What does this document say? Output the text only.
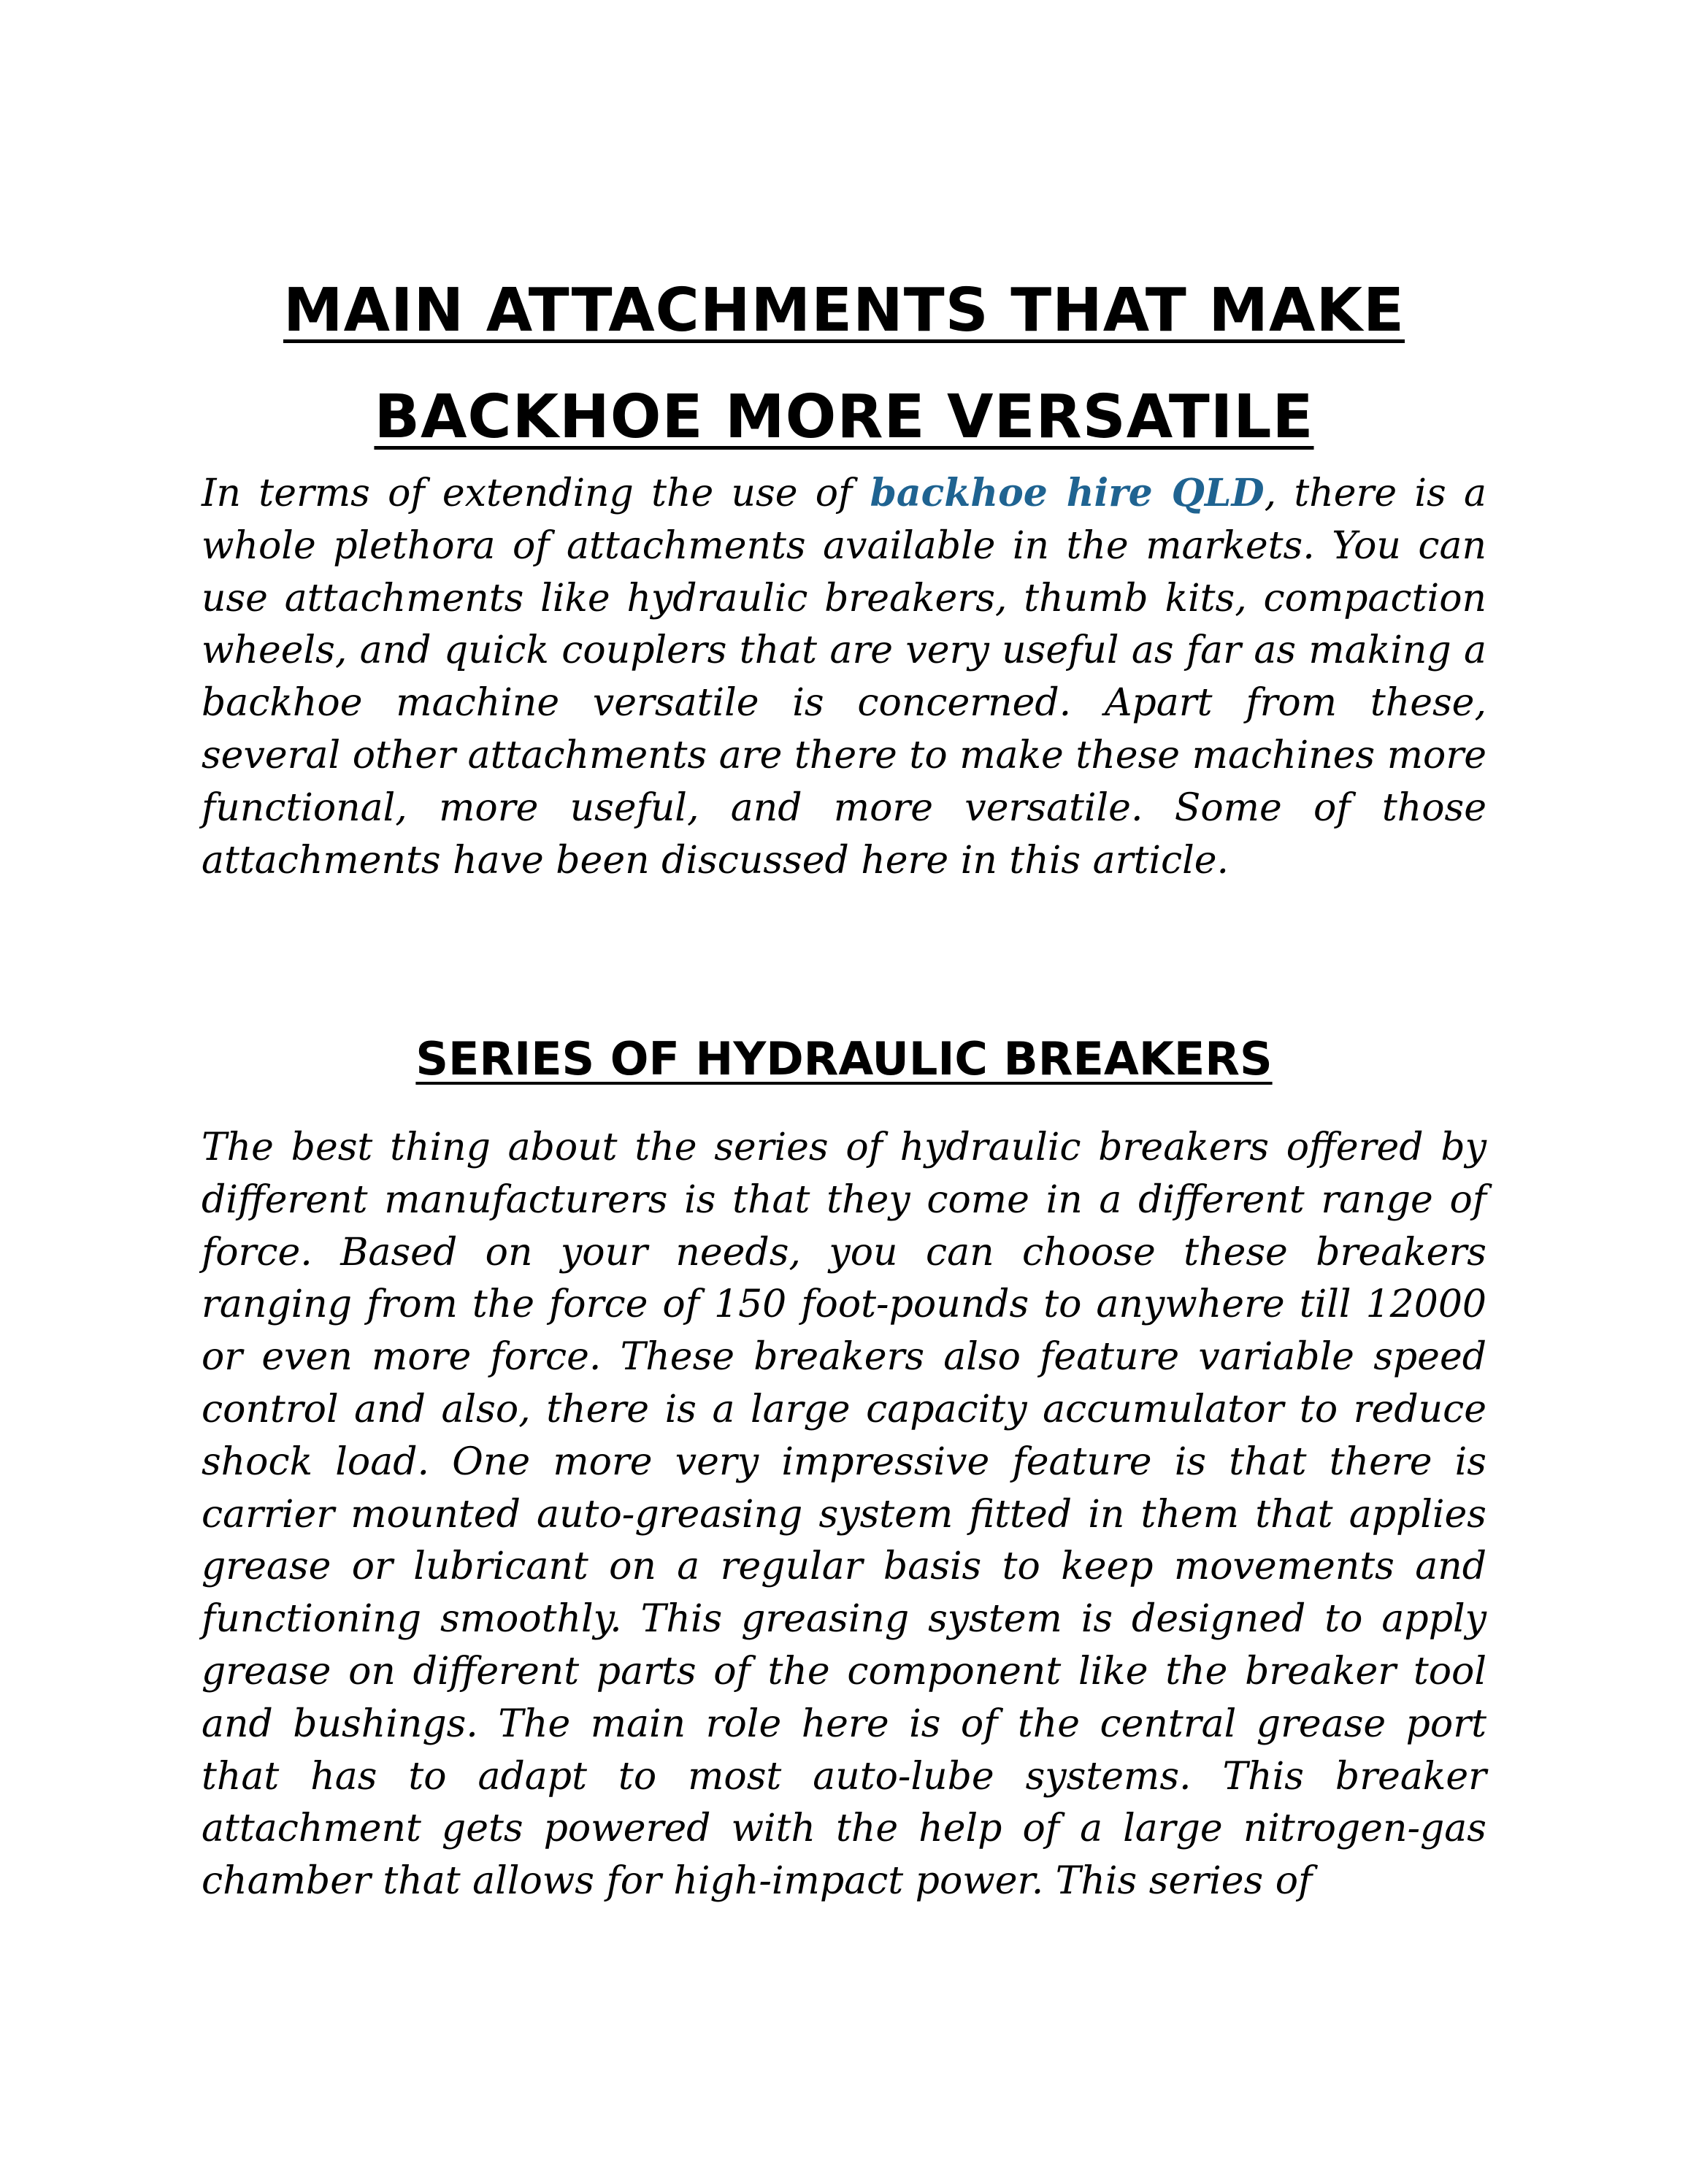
MAIN ATTACHMENTS THAT MAKE
BACKHOE MORE VERSATILE

In terms of extending the use of backhoe hire QLD, there is a whole plethora of attachments available in the markets. You can use attachments like hydraulic breakers, thumb kits, compaction wheels, and quick couplers that are very useful as far as making a backhoe machine versatile is concerned. Apart from these, several other attachments are there to make these machines more functional, more useful, and more versatile. Some of those attachments have been discussed here in this article.

SERIES OF HYDRAULIC BREAKERS

The best thing about the series of hydraulic breakers offered by different manufacturers is that they come in a different range of force. Based on your needs, you can choose these breakers ranging from the force of 150 foot-pounds to anywhere till 12000 or even more force. These breakers also feature variable speed control and also, there is a large capacity accumulator to reduce shock load. One more very impressive feature is that there is carrier mounted auto-greasing system fitted in them that applies grease or lubricant on a regular basis to keep movements and functioning smoothly. This greasing system is designed to apply grease on different parts of the component like the breaker tool and bushings. The main role here is of the central grease port that has to adapt to most auto-lube systems. This breaker attachment gets powered with the help of a large nitrogen-gas chamber that allows for high-impact power. This series of
